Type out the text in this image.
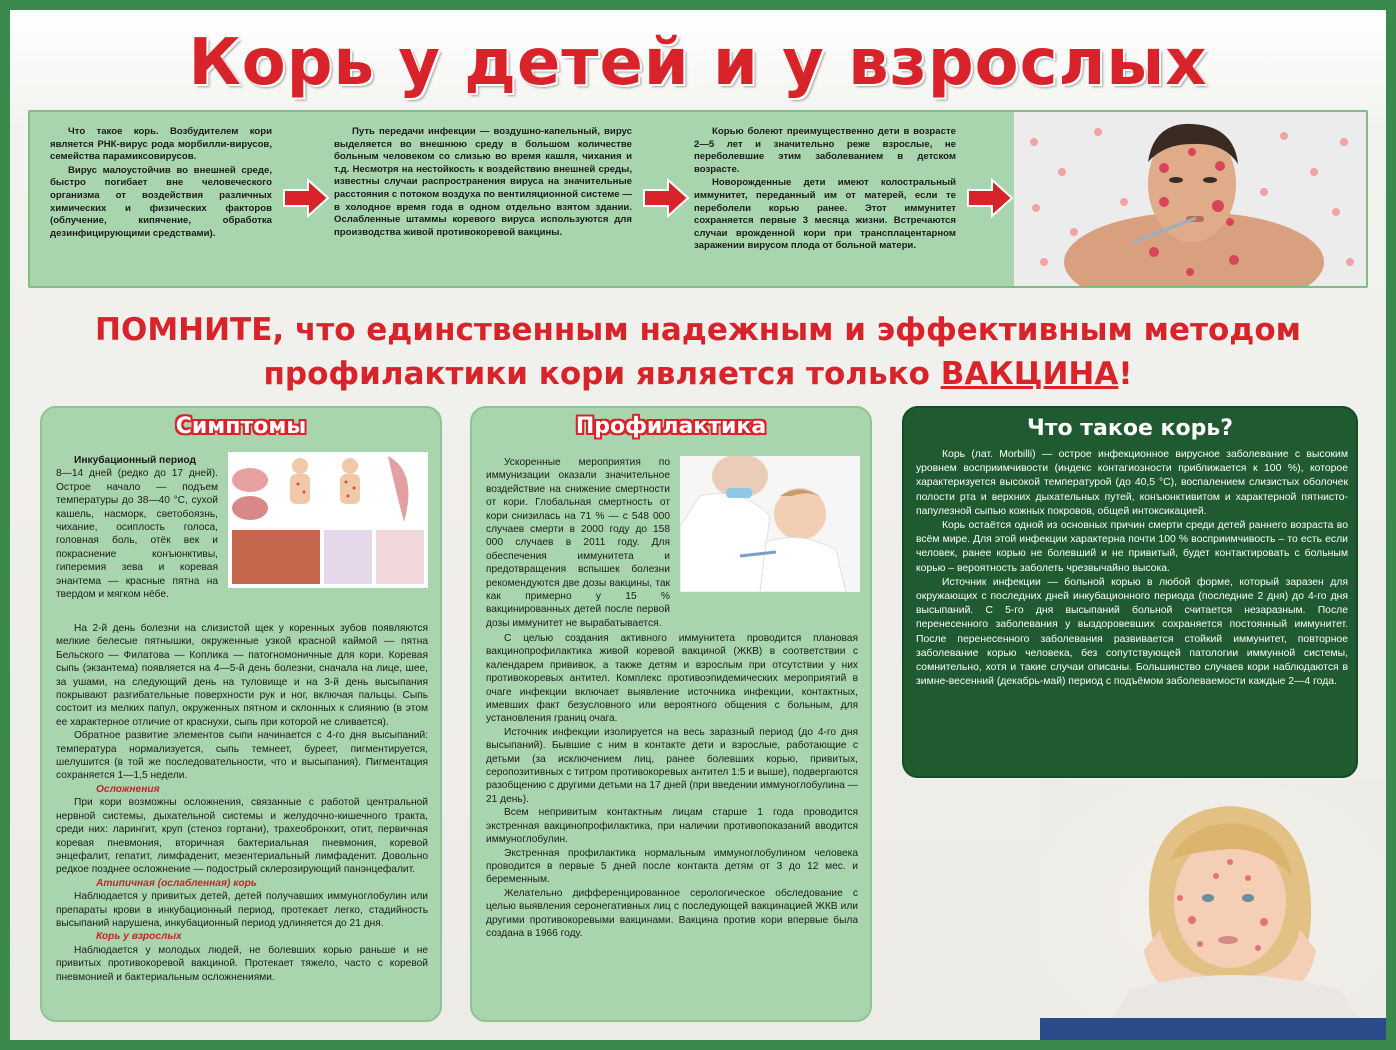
Корь у детей и у взрослых

Что такое корь. Возбудителем кори является РНК-вирус рода морбилли-вирусов, семейства парамиксовирусов.

Вирус малоустойчив во внешней среде, быстро погибает вне человеческого организма от воздействия различных химических и физических факторов (облучение, кипячение, обработка дезинфицирующими средствами).

Путь передачи инфекции — воздушно-капельный, вирус выделяется во внешнюю среду в большом количестве больным человеком со слизью во время кашля, чихания и т.д. Несмотря на нестойкость к воздействию внешней среды, известны случаи распространения вируса на значительные расстояния с потоком воздуха по вентиляционной системе — в холодное время года в одном отдельно взятом здании. Ослабленные штаммы коревого вируса используются для производства живой противокоревой вакцины.

Корью болеют преимущественно дети в возрасте 2—5 лет и значительно реже взрослые, не переболевшие этим заболеванием в детском возрасте.

Новорожденные дети имеют колостральный иммунитет, переданный им от матерей, если те переболели корью ранее. Этот иммунитет сохраняется первые 3 месяца жизни. Встречаются случаи врожденной кори при трансплацентарном заражении вирусом плода от больной матери.

ПОМНИТЕ, что единственным надежным и эффективным методом
профилактики кори является только ВАКЦИНА!
Симптомы

Инкубационный период

8—14 дней (редко до 17 дней). Острое начало — подъем температуры до 38—40 °С, сухой кашель, насморк, светобоязнь, чихание, осиплость голоса, головная боль, отёк век и покраснение конъюнктивы, гиперемия зева и коревая энантема — красные пятна на твердом и мягком нёбе.

На 2-й день болезни на слизистой щек у коренных зубов появляются мелкие белесые пятнышки, окруженные узкой красной каймой — пятна Бельского — Филатова — Коплика — патогномоничные для кори. Коревая сыпь (экзантема) появляется на 4—5-й день болезни, сначала на лице, шее, за ушами, на следующий день на туловище и на 3-й день высыпания покрывают разгибательные поверхности рук и ног, включая пальцы. Сыпь состоит из мелких папул, окруженных пятном и склонных к слиянию (в этом ее характерное отличие от краснухи, сыпь при которой не сливается).

Обратное развитие элементов сыпи начинается с 4-го дня высыпаний: температура нормализуется, сыпь темнеет, буреет, пигментируется, шелушится (в той же последовательности, что и высыпания). Пигментация сохраняется 1—1,5 недели.

Осложнения

При кори возможны осложнения, связанные с работой центральной нервной системы, дыхательной системы и желудочно-кишечного тракта, среди них: ларингит, круп (стеноз гортани), трахеобронхит, отит, первичная коревая пневмония, вторичная бактериальная пневмония, коревой энцефалит, гепатит, лимфаденит, мезентериальный лимфаденит. Довольно редкое позднее осложнение — подострый склерозирующий панэнцефалит.

Атипичная (ослабленная) корь

Наблюдается у привитых детей, детей получавших иммуноглобулин или препараты крови в инкубационный период, протекает легко, стадийность высыпаний нарушена, инкубационный период удлиняется до 21 дня.

Корь у взрослых

Наблюдается у молодых людей, не болевших корью раньше и не привитых противокоревой вакциной. Протекает тяжело, часто с коревой пневмонией и бактериальным осложнениями.

Профилактика

Ускоренные мероприятия по иммунизации оказали значительное воздействие на снижение смертности от кори. Глобальная смертность от кори снизилась на 71 % — с 548 000 случаев смерти в 2000 году до 158 000 случаев в 2011 году. Для обеспечения иммунитета и предотвращения вспышек болезни рекомендуются две дозы вакцины, так как примерно у 15 % вакцинированных детей после первой дозы иммунитет не вырабатывается.

С целью создания активного иммунитета проводится плановая вакцинопрофилактика живой коревой вакциной (ЖКВ) в соответствии с календарем прививок, а также детям и взрослым при отсутствии у них противокоревых антител. Комплекс противоэпидемических мероприятий в очаге инфекции включает выявление источника инфекции, контактных, имевших факт безусловного или вероятного общения с больным, для установления границ очага.

Источник инфекции изолируется на весь заразный период (до 4-го дня высыпаний). Бывшие с ним в контакте дети и взрослые, работающие с детьми (за исключением лиц, ранее болевших корью, привитых, серопозитивных с титром противокоревых антител 1:5 и выше), подвергаются разобщению с другими детьми на 17 дней (при введении иммуноглобулина — 21 день).

Всем непривитым контактным лицам старше 1 года проводится экстренная вакцинопрофилактика, при наличии противопоказаний вводится иммуноглобулин.

Экстренная профилактика нормальным иммуноглобулином человека проводится в первые 5 дней после контакта детям от 3 до 12 мес. и беременным.

Желательно дифференцированное серологическое обследование с целью выявления серонегативных лиц с последующей вакцинацией ЖКВ или другими противокоревыми вакцинами. Вакцина против кори впервые была создана в 1966 году.

Что такое корь?

Корь (лат. Morbilli) — острое инфекционное вирусное заболевание с высоким уровнем восприимчивости (индекс контагиозности приближается к 100 %), которое характеризуется высокой температурой (до 40,5 °C), воспалением слизистых оболочек полости рта и верхних дыхательных путей, конъюнктивитом и характерной пятнисто-папулезной сыпью кожных покровов, общей интоксикацией.

Корь остаётся одной из основных причин смерти среди детей раннего возраста во всём мире. Для этой инфекции характерна почти 100 % восприимчивость – то есть если человек, ранее корью не болевший и не привитый, будет контактировать с больным корью – вероятность заболеть чрезвычайно высока.

Источник инфекции — больной корью в любой форме, который заразен для окружающих с последних дней инкубационного периода (последние 2 дня) до 4-го дня высыпаний. С 5-го дня высыпаний больной считается незаразным. После перенесенного заболевания у выздоровевших сохраняется постоянный иммунитет. После перенесенного заболевания развивается стойкий иммунитет, повторное заболевание корью человека, без сопутствующей патологии иммунной системы, сомнительно, хотя и такие случаи описаны. Большинство случаев кори наблюдаются в зимне-весенний (декабрь-май) период с подъёмом заболеваемости каждые 2—4 года.
